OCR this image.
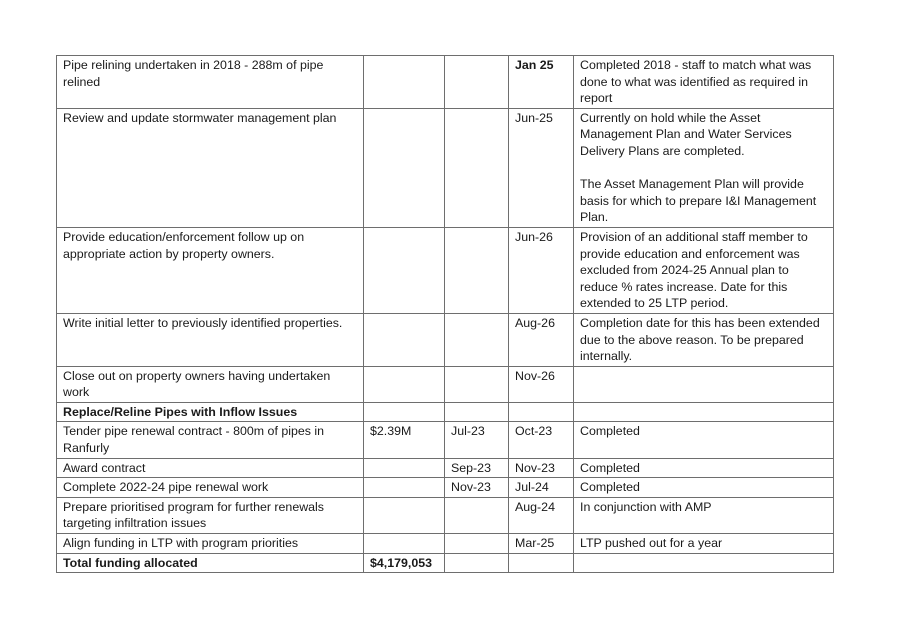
Pipe relining undertaken in 2018 - 288m of pipe relined			Jan 25	Completed 2018 - staff to match what was done to what was identified as required in report
Review and update stormwater management plan			Jun-25	Currently on hold while the Asset Management Plan and Water Services Delivery Plans are completed.
The Asset Management Plan will provide basis for which to prepare I&I Management Plan.

Provide education/enforcement follow up on appropriate action by property owners.			Jun-26	Provision of an additional staff member to provide education and enforcement was excluded from 2024-25 Annual plan to reduce % rates increase. Date for this extended to 25 LTP period.
Write initial letter to previously identified properties.			Aug-26	Completion date for this has been extended due to the above reason. To be prepared internally.
Close out on property owners having undertaken work			Nov-26	
Replace/Reline Pipes with Inflow Issues				
Tender pipe renewal contract - 800m of pipes in Ranfurly	$2.39M	Jul-23	Oct-23	Completed
Award contract		Sep-23	Nov-23	Completed
Complete 2022-24 pipe renewal work		Nov-23	Jul-24	Completed
Prepare prioritised program for further renewals targeting infiltration issues			Aug-24	In conjunction with AMP
Align funding in LTP with program priorities			Mar-25	LTP pushed out for a year
Total funding allocated	$4,179,053			
